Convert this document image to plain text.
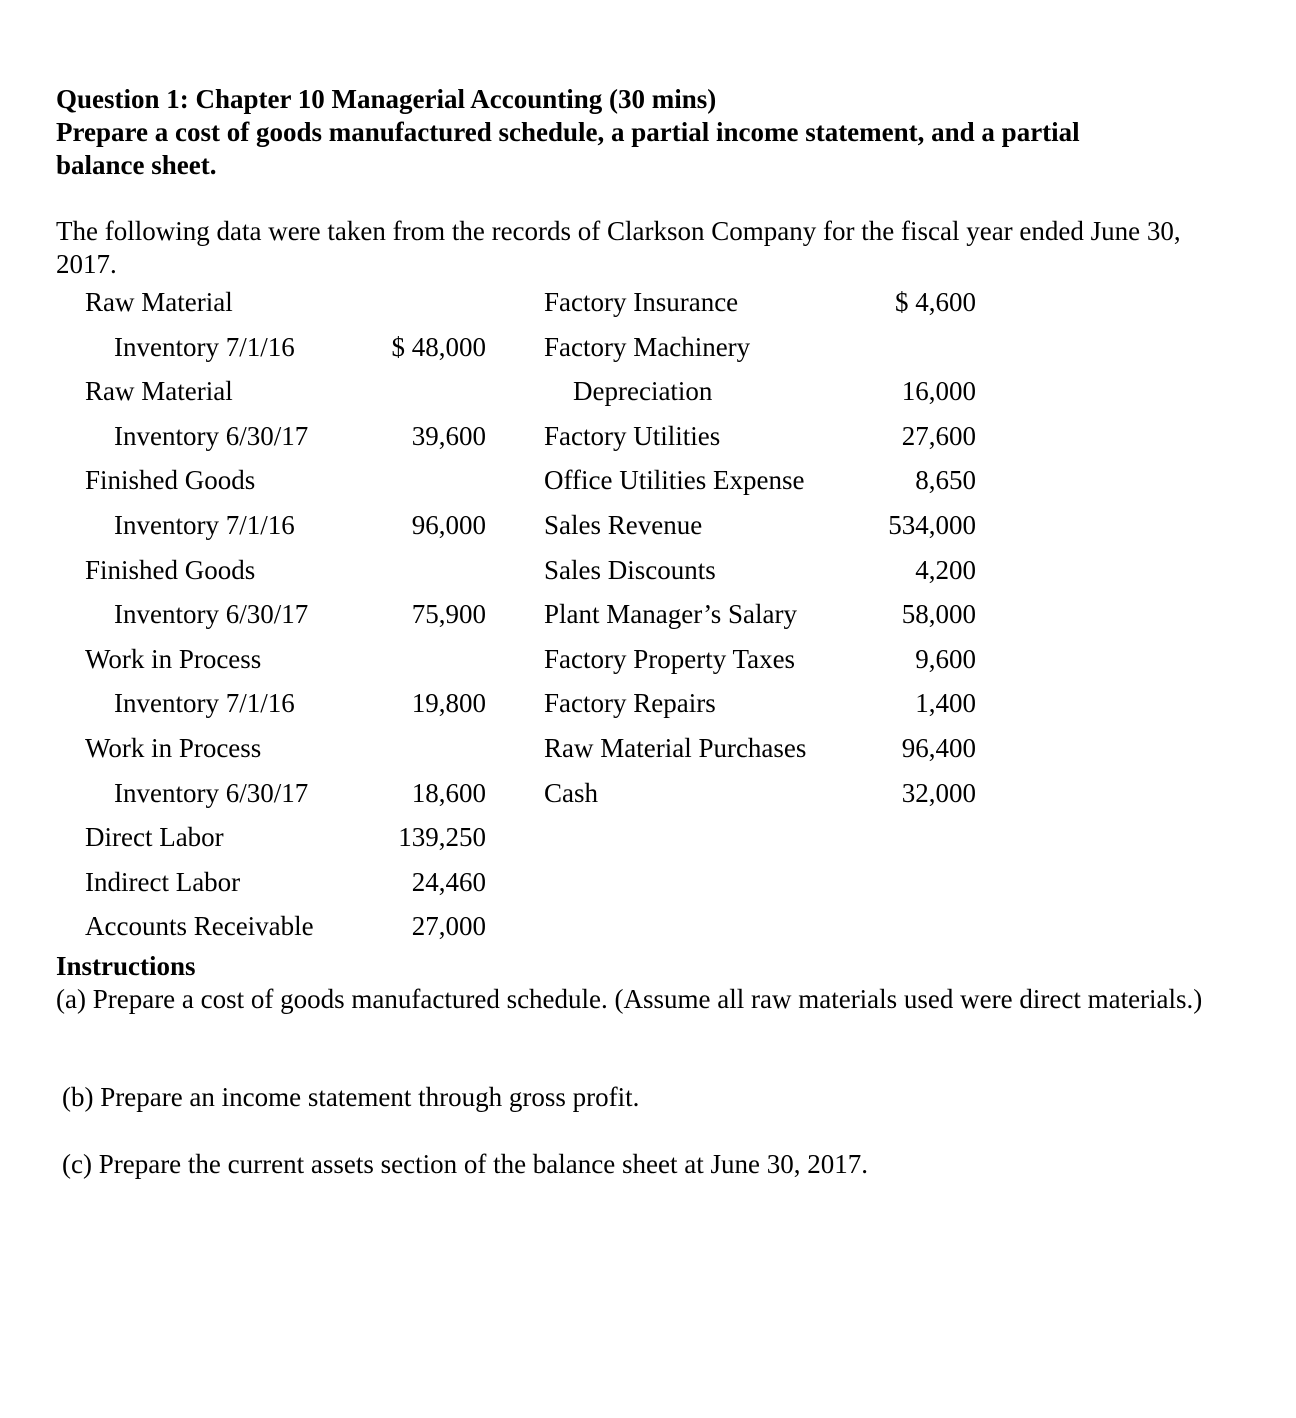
Question 1: Chapter 10 Managerial Accounting (30 mins)
Prepare a cost of goods manufactured schedule, a partial income statement, and a partial
balance sheet.
The following data were taken from the records of Clarkson Company for the fiscal year ended June 30, 2017.
Raw Material
Inventory 7/1/16	$ 48,000
Raw Material
Inventory 6/30/17	39,600
Finished Goods
Inventory 7/1/16	96,000
Finished Goods
Inventory 6/30/17	75,900
Work in Process
Inventory 7/1/16	19,800
Work in Process
Inventory 6/30/17	18,600
Direct Labor	139,250
Indirect Labor	24,460
Accounts Receivable	27,000
Factory Insurance	$ 4,600
Factory Machinery
Depreciation	16,000
Factory Utilities	27,600
Office Utilities Expense	8,650
Sales Revenue	534,000
Sales Discounts	4,200
Plant Manager’s Salary	58,000
Factory Property Taxes	9,600
Factory Repairs	1,400
Raw Material Purchases	96,400
Cash	32,000
Instructions
(a) Prepare a cost of goods manufactured schedule. (Assume all raw materials used were direct materials.)
(b) Prepare an income statement through gross profit.
(c) Prepare the current assets section of the balance sheet at June 30, 2017.
